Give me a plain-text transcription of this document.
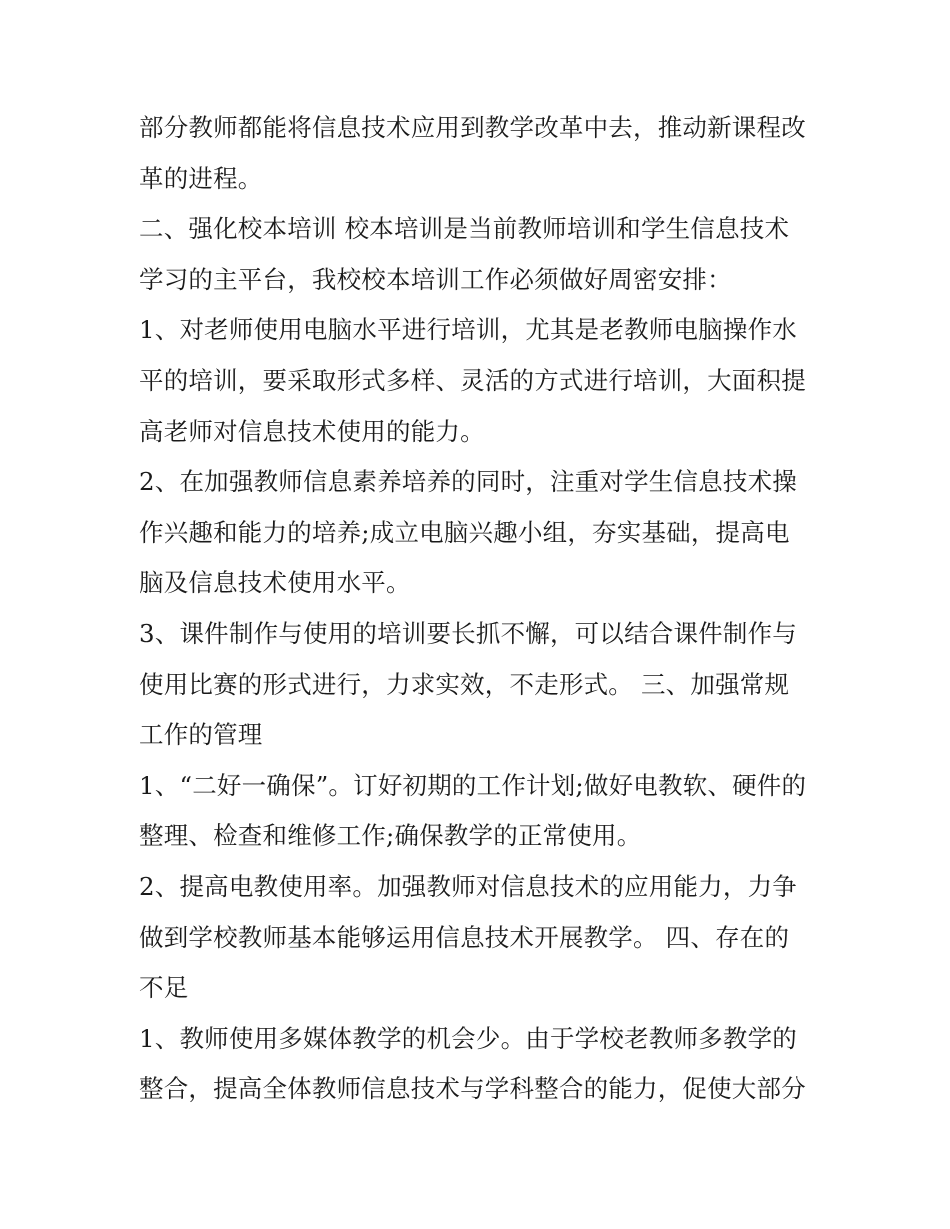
部分教师都能将信息技术应用到教学改革中去，推动新课程改
革的进程。
二、强化校本培训 校本培训是当前教师培训和学生信息技术
学习的主平台，我校校本培训工作必须做好周密安排：
1、对老师使用电脑水平进行培训，尤其是老教师电脑操作水
平的培训，要采取形式多样、灵活的方式进行培训，大面积提
高老师对信息技术使用的能力。
2、在加强教师信息素养培养的同时，注重对学生信息技术操
作兴趣和能力的培养;成立电脑兴趣小组，夯实基础，提高电
脑及信息技术使用水平。
3、课件制作与使用的培训要长抓不懈，可以结合课件制作与
使用比赛的形式进行，力求实效，不走形式。 三、加强常规
工作的管理
1、“二好一确保”。订好初期的工作计划;做好电教软、硬件的
整理、检查和维修工作;确保教学的正常使用。
2、提高电教使用率。加强教师对信息技术的应用能力，力争
做到学校教师基本能够运用信息技术开展教学。 四、存在的
不足
1、教师使用多媒体教学的机会少。由于学校老教师多教学的
整合，提高全体教师信息技术与学科整合的能力，促使大部分
